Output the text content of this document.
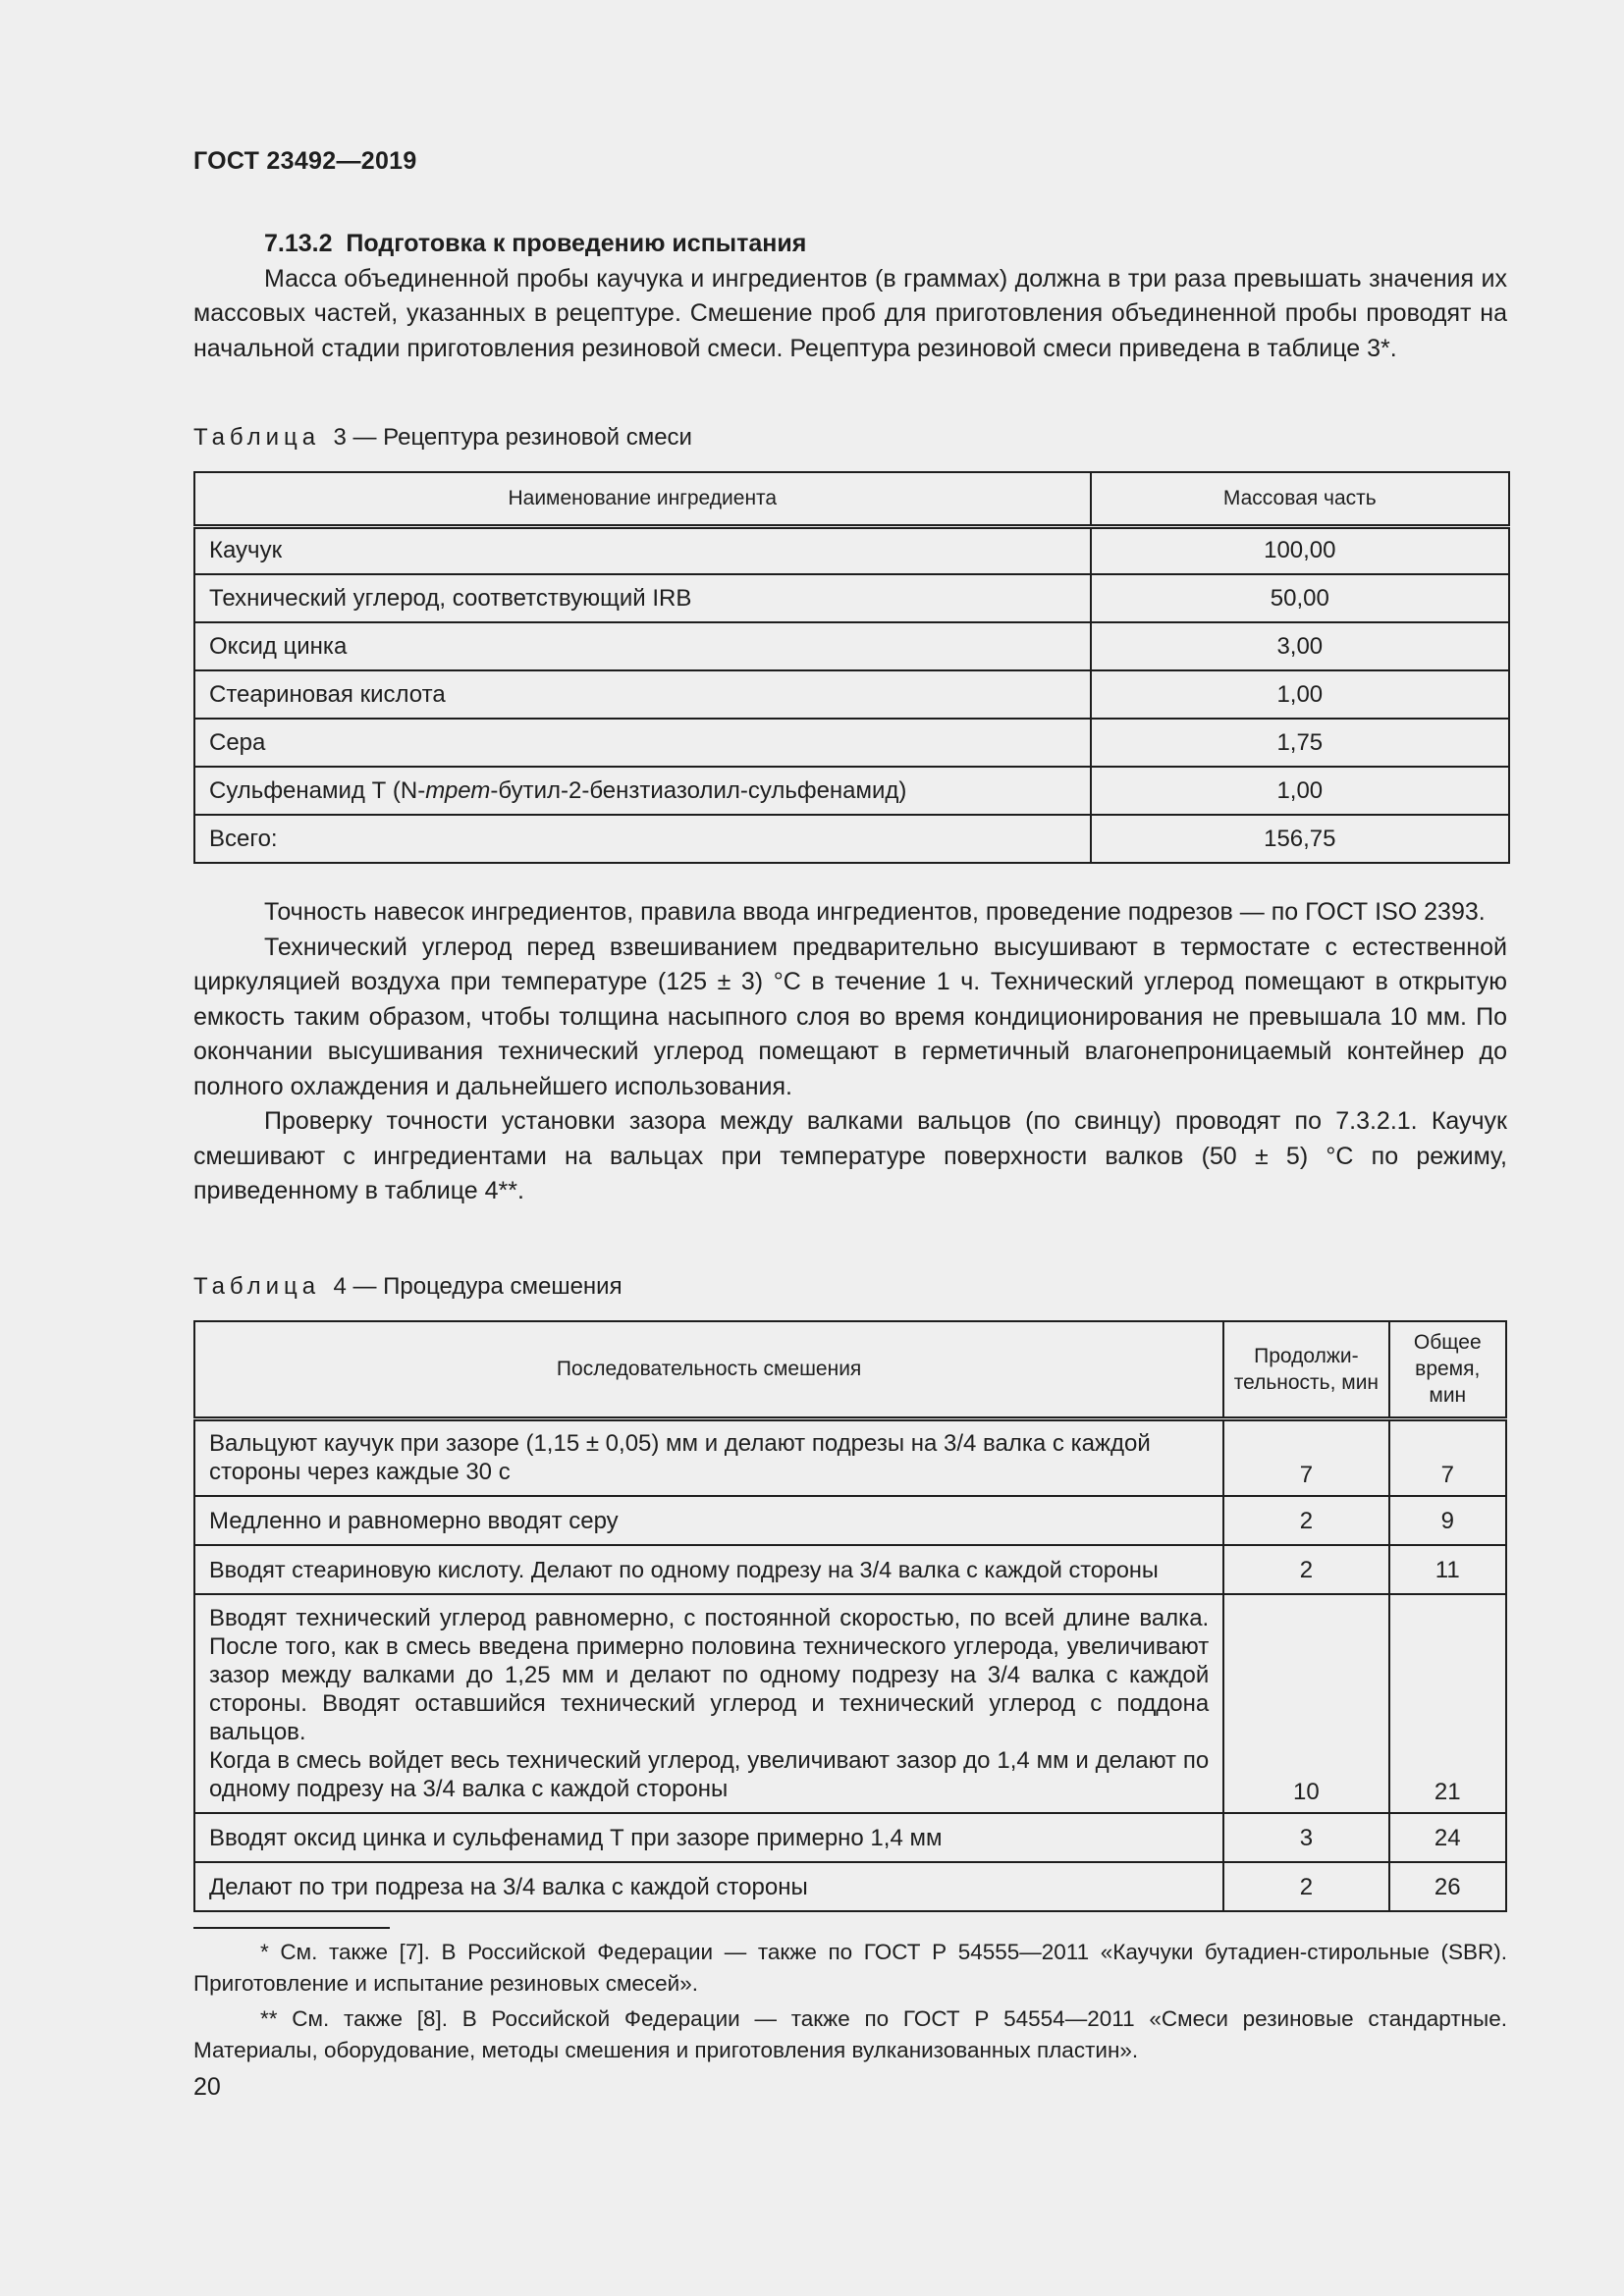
ГОСТ 23492—2019

7.13.2 Подготовка к проведению испытания

Масса объединенной пробы каучука и ингредиентов (в граммах) должна в три раза превышать значения их массовых частей, указанных в рецептуре. Смешение проб для приготовления объединенной пробы проводят на начальной стадии приготовления резиновой смеси. Рецептура резиновой смеси приведена в таблице 3*.

Таблица 3 — Рецептура резиновой смеси
Наименование ингредиента	Массовая часть
Каучук	100,00
Технический углерод, соответствующий IRB	50,00
Оксид цинка	3,00
Стеариновая кислота	1,00
Сера	1,75
Сульфенамид Т (N-трет-бутил-2-бензтиазолил-сульфенамид)	1,00
Всего:	156,75

Точность навесок ингредиентов, правила ввода ингредиентов, проведение подрезов — по ГОСТ ISO 2393.

Технический углерод перед взвешиванием предварительно высушивают в термостате с естественной циркуляцией воздуха при температуре (125 ± 3) °С в течение 1 ч. Технический углерод помещают в открытую емкость таким образом, чтобы толщина насыпного слоя во время кондиционирования не превышала 10 мм. По окончании высушивания технический углерод помещают в герметичный влагонепроницаемый контейнер до полного охлаждения и дальнейшего использования.

Проверку точности установки зазора между валками вальцов (по свинцу) проводят по 7.3.2.1. Каучук смешивают с ингредиентами на вальцах при температуре поверхности валков (50 ± 5) °С по режиму, приведенному в таблице 4**.

Таблица 4 — Процедура смешения
Последовательность смешения	Продолжи-тельность, мин	Общее время, мин
Вальцуют каучук при зазоре (1,15 ± 0,05) мм и делают подрезы на 3/4 валка с каждой стороны через каждые 30 с	7	7
Медленно и равномерно вводят серу	2	9
Вводят стеариновую кислоту. Делают по одному подрезу на 3/4 валка с каждой стороны	2	11

Вводят технический углерод равномерно, с постоянной скоростью, по всей длине валка. После того, как в смесь введена примерно половина технического углерода, увеличивают зазор между валками до 1,25 мм и делают по одному подрезу на 3/4 валка с каждой стороны. Вводят оставшийся технический углерод и технический углерод с поддона вальцов.
Когда в смесь войдет весь технический углерод, увеличивают зазор до 1,4 мм и делают по одному подрезу на 3/4 валка с каждой стороны	10	21
Вводят оксид цинка и сульфенамид Т при зазоре примерно 1,4 мм	3	24
Делают по три подреза на 3/4 валка с каждой стороны	2	26

* См. также [7]. В Российской Федерации — также по ГОСТ Р 54555—2011 «Каучуки бутадиен-стирольные (SBR). Приготовление и испытание резиновых смесей».

** См. также [8]. В Российской Федерации — также по ГОСТ Р 54554—2011 «Смеси резиновые стандартные. Материалы, оборудование, методы смешения и приготовления вулканизованных пластин».

20
